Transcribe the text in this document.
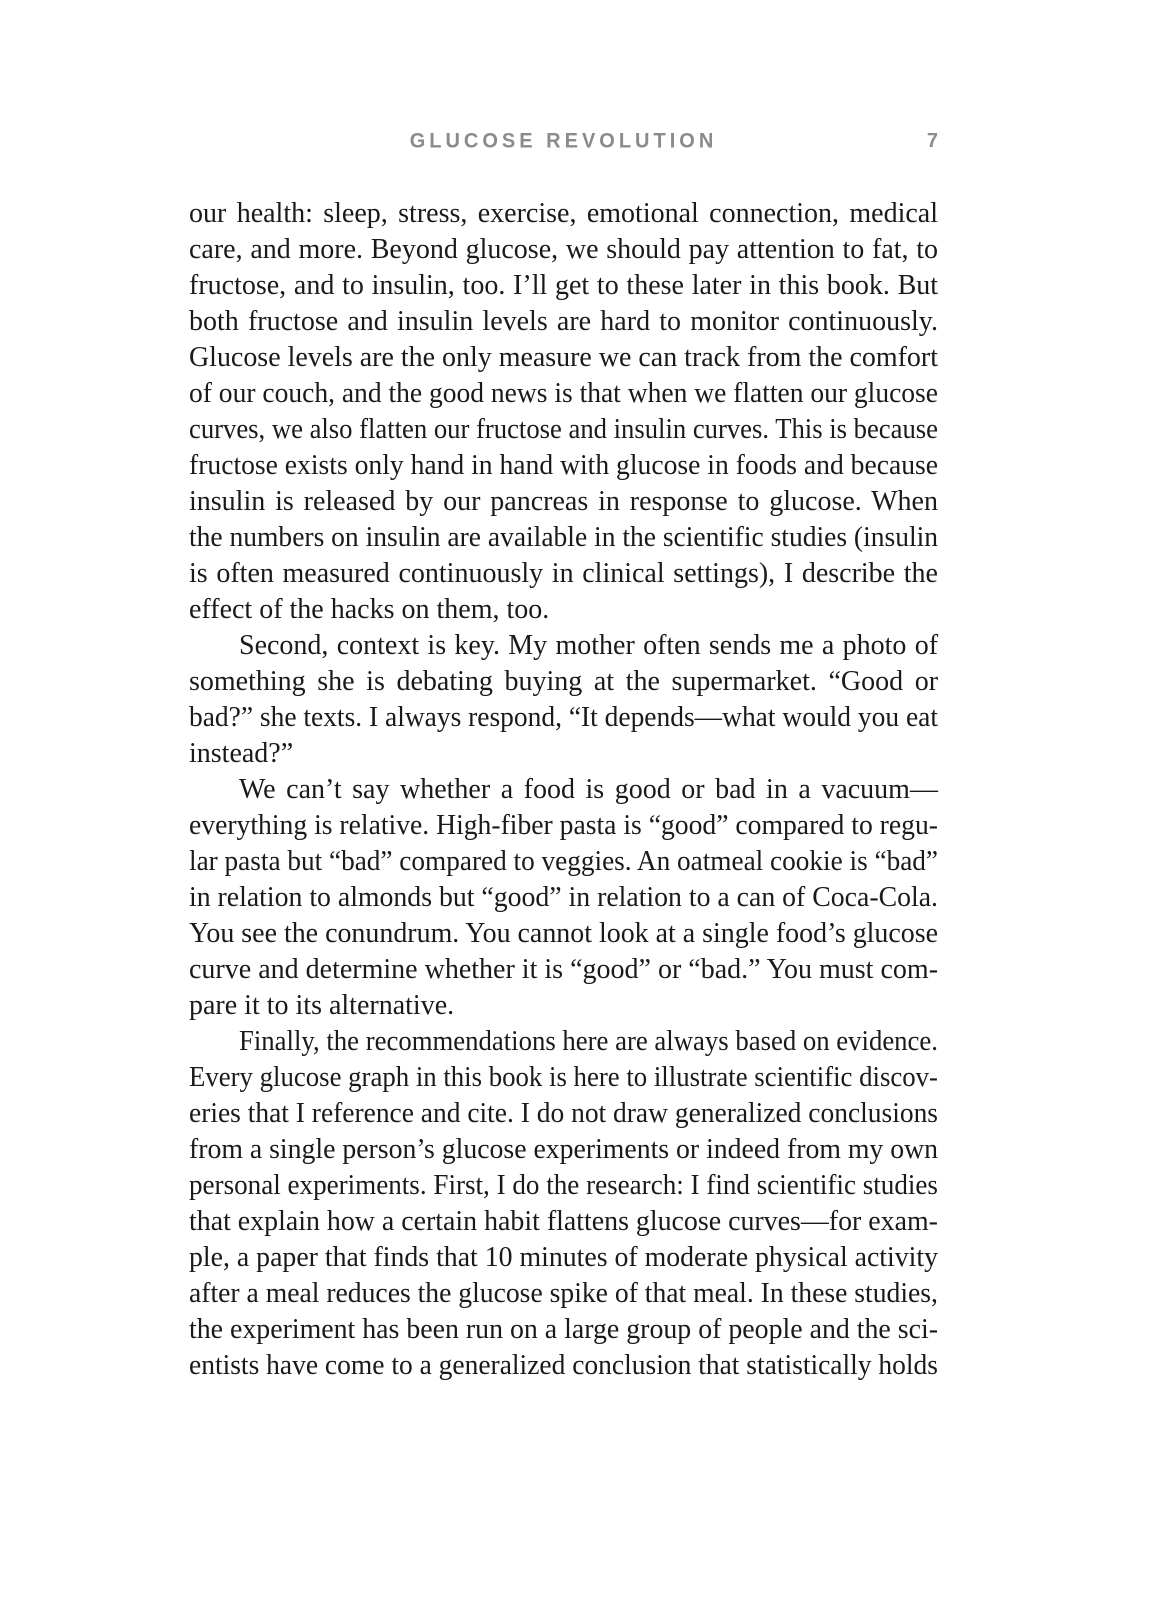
GLUCOSE REVOLUTION	7
our health: sleep, stress, exercise, emotional connection, medical
care, and more. Beyond glucose, we should pay attention to fat, to
fructose, and to insulin, too. I’ll get to these later in this book. But
both fructose and insulin levels are hard to monitor continuously.
Glucose levels are the only measure we can track from the comfort
of our couch, and the good news is that when we flatten our glucose
curves, we also flatten our fructose and insulin curves. This is because
fructose exists only hand in hand with glucose in foods and because
insulin is released by our pancreas in response to glucose. When
the numbers on insulin are available in the scientific studies (insulin
is often measured continuously in clinical settings), I describe the
effect of the hacks on them, too.
Second, context is key. My mother often sends me a photo of
something she is debating buying at the supermarket. “Good or
bad?” she texts. I always respond, “It depends—what would you eat
instead?”
We can’t say whether a food is good or bad in a vacuum—
everything is relative. High-fiber pasta is “good” compared to regu-
lar pasta but “bad” compared to veggies. An oatmeal cookie is “bad”
in relation to almonds but “good” in relation to a can of Coca-Cola.
You see the conundrum. You cannot look at a single food’s glucose
curve and determine whether it is “good” or “bad.” You must com-
pare it to its alternative.
Finally, the recommendations here are always based on evidence.
Every glucose graph in this book is here to illustrate scientific discov-
eries that I reference and cite. I do not draw generalized conclusions
from a single person’s glucose experiments or indeed from my own
personal experiments. First, I do the research: I find scientific studies
that explain how a certain habit flattens glucose curves—for exam-
ple, a paper that finds that 10 minutes of moderate physical activity
after a meal reduces the glucose spike of that meal. In these studies,
the experiment has been run on a large group of people and the sci-
entists have come to a generalized conclusion that statistically holds
